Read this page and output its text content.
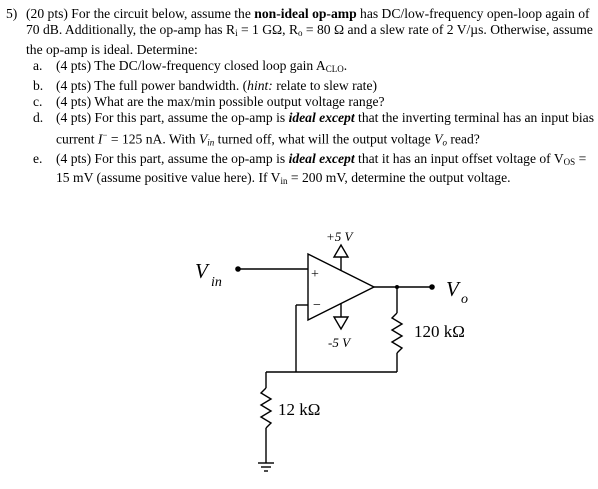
5) (20 pts) For the circuit below, assume the non-ideal op-amp has DC/low-frequency open-loop again of 70 dB. Additionally, the op-amp has $R_i = 1$ GΩ, $R_o = 80$ Ω and a slew rate of 2 V/µs. Otherwise, assume the op-amp is ideal. Determine:
a. (4 pts) The DC/low-frequency closed loop gain $A_{CLO}$.
b. (4 pts) The full power bandwidth. (hint: relate to slew rate)
c. (4 pts) What are the max/min possible output voltage range?
d. (4 pts) For this part, assume the op-amp is ideal except that the inverting terminal has an input bias current I− = 125 nA. With $V_{in}$ turned off, what will the output voltage $V_o$ read?
e. (4 pts) For this part, assume the op-amp is ideal except that it has an input offset voltage of $V_{OS} = 15$ mV (assume positive value here). If $V_{in} = 200$ mV, determine the output voltage.
V in	V o
+5 V
-5 V
+
−
120 kΩ
12 kΩ
